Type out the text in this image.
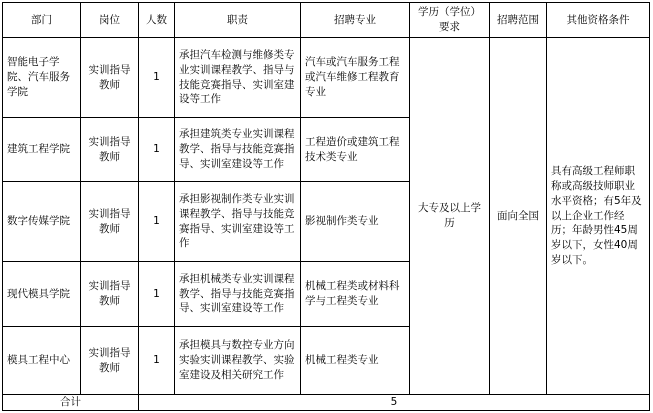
部门	岗位	人数	职责	招聘专业	学历（学位）要求	招聘范围	其他资格条件
智能电子学院、汽车服务学院	实训指导教师	1	承担汽车检测与维修类专业实训课程教学、指导与技能竞赛指导、实训室建设等工作	汽车或汽车服务工程或汽车维修工程教育专业	大专及以上学历	面向全国	具有高级工程师职称或高级技师职业水平资格；有5年及以上企业工作经历；年龄男性45周岁以下，女性40周岁以下。
建筑工程学院	实训指导教师	1	承担建筑类专业实训课程教学、指导与技能竞赛指导、实训室建设等工作	工程造价或建筑工程技术类专业			
数字传媒学院	实训指导教师	1	承担影视制作类专业实训课程教学、指导与技能竞赛指导、实训室建设等工作	影视制作类专业			
现代模具学院	实训指导教师	1	承担机械类专业实训课程教学、指导与技能竞赛指导、实训室建设等工作	机械工程类或材料科学与工程类专业			
模具工程中心	实训指导教师	1	承担模具与数控专业方向实验实训课程教学、实验室建设及相关研究工作	机械工程类专业			
合计		5					
